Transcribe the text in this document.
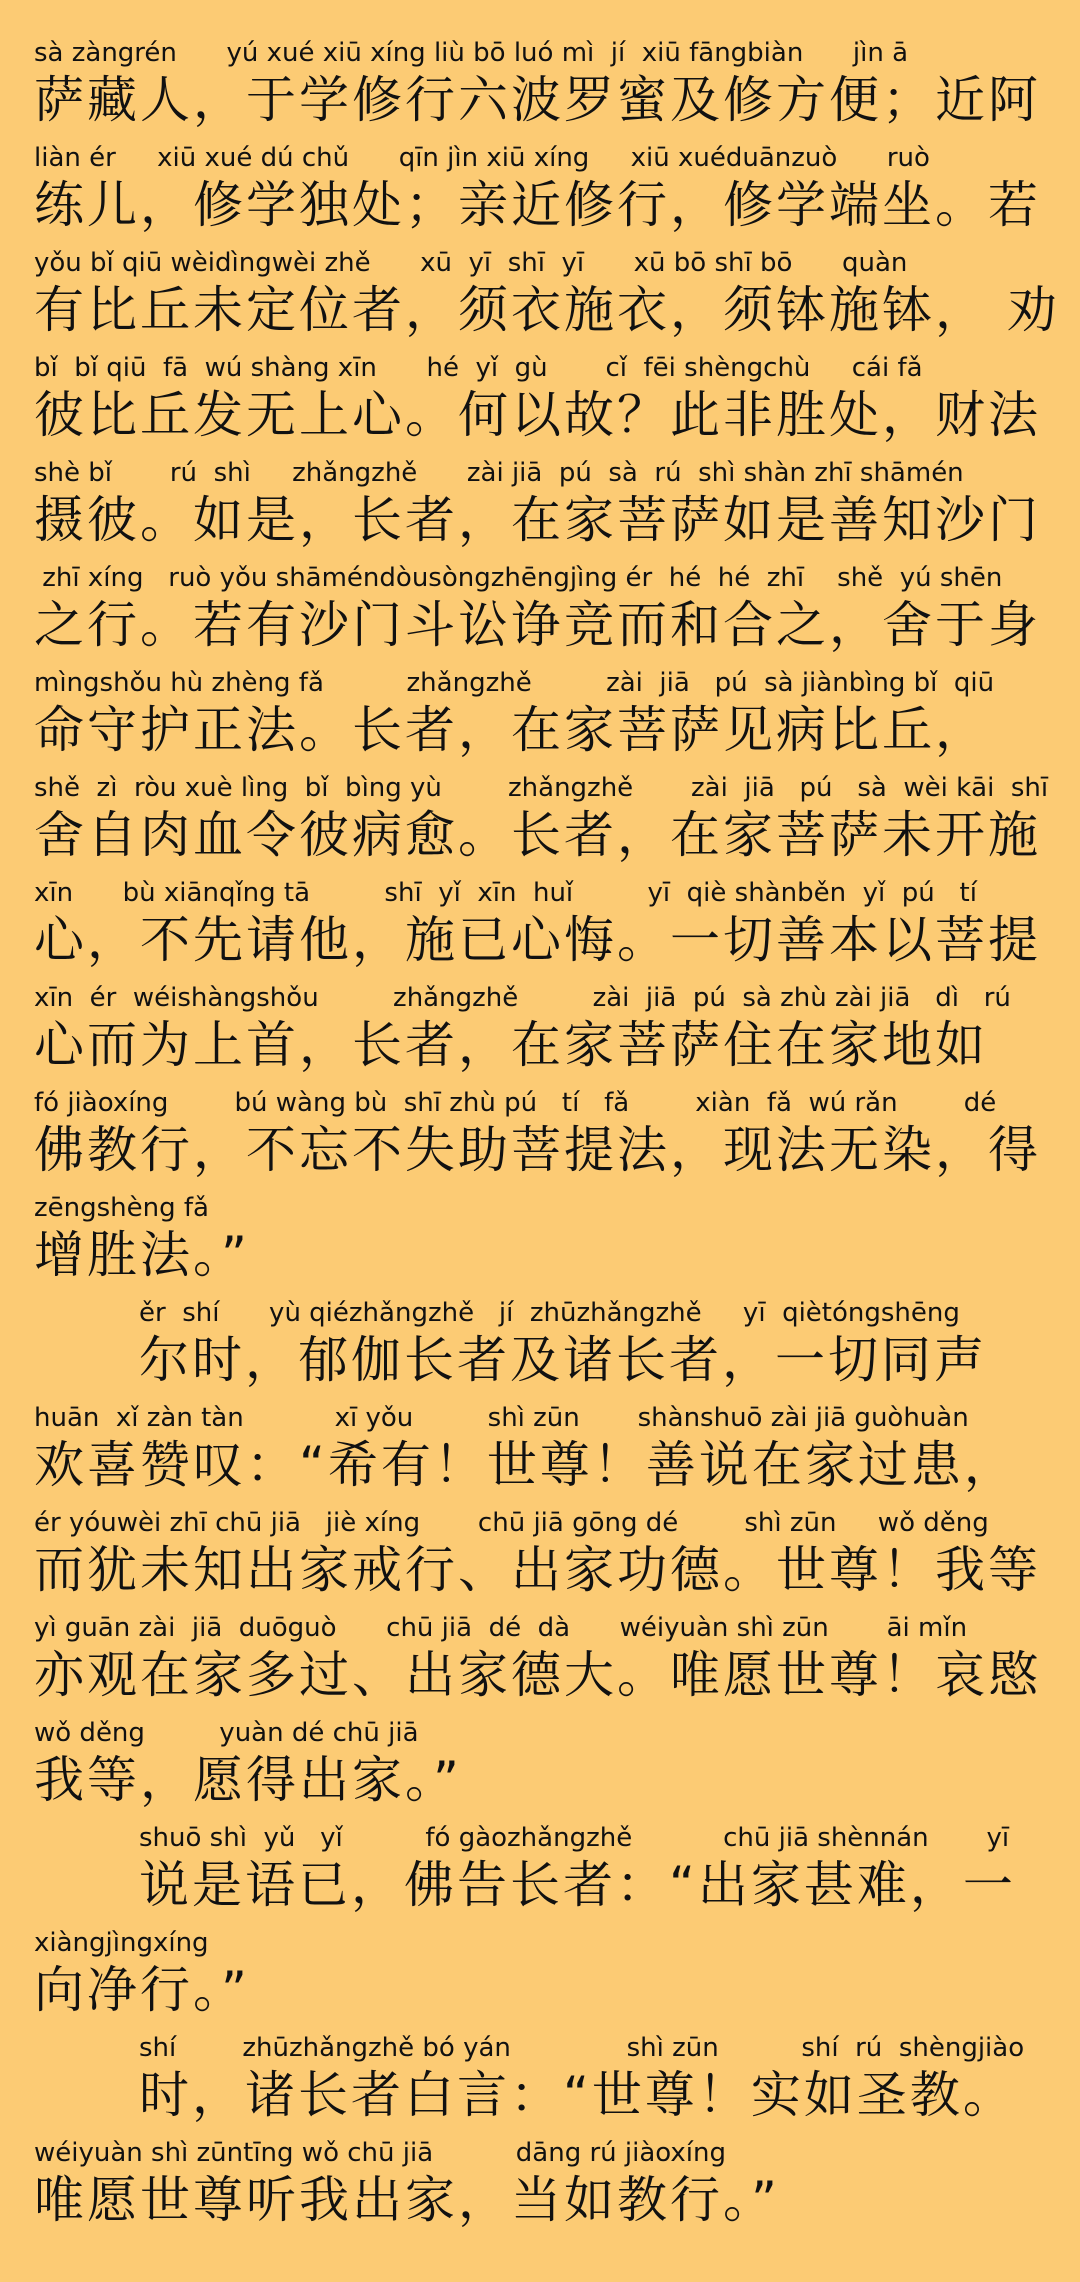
sà zàngrén      yú xué xiū xíng liù bō luó mì  jí  xiū fāngbiàn      jìn ā
萨藏人，于学修行六波罗蜜及修方便；近阿
liàn ér     xiū xué dú chǔ      qīn jìn xiū xíng     xiū xuéduānzuò      ruò
练儿，修学独处；亲近修行，修学端坐。若
yǒu bǐ qiū wèidìngwèi zhě      xū  yī  shī  yī      xū bō shī bō      quàn
有比丘未定位者，须衣施衣，须钵施钵， 劝
bǐ  bǐ qiū  fā  wú shàng xīn      hé  yǐ  gù       cǐ  fēi shèngchù     cái fǎ
彼比丘发无上心。何以故？此非胜处，财法
shè bǐ       rú  shì     zhǎngzhě      zài jiā  pú  sà  rú  shì shàn zhī shāmén
摄彼。如是，长者，在家菩萨如是善知沙门
zhī xíng   ruò yǒu shāméndòusòngzhēngjìng ér  hé  hé  zhī    shě  yú shēn
之行。若有沙门斗讼诤竞而和合之，舍于身
mìngshǒu hù zhèng fǎ          zhǎngzhě         zài  jiā   pú  sà jiànbìng bǐ  qiū
命守护正法。长者，在家菩萨见病比丘，
shě  zì  ròu xuè lìng  bǐ  bìng yù        zhǎngzhě       zài  jiā   pú   sà  wèi kāi  shī
舍自肉血令彼病愈。长者，在家菩萨未开施
xīn      bù xiānqǐng tā         shī  yǐ  xīn  huǐ         yī  qiè shànběn  yǐ  pú   tí
心，不先请他，施已心悔。一切善本以菩提
xīn  ér  wéishàngshǒu         zhǎngzhě         zài  jiā  pú  sà zhù zài jiā   dì   rú
心而为上首，长者，在家菩萨住在家地如
fó jiàoxíng        bú wàng bù  shī zhù pú   tí   fǎ        xiàn  fǎ  wú rǎn        dé
佛教行，不忘不失助菩提法，现法无染，得
zēngshèng fǎ
增胜法。”
ěr  shí      yù qiézhǎngzhě   jí  zhūzhǎngzhě     yī  qiètóngshēng
尔时，郁伽长者及诸长者，一切同声
huān  xǐ zàn tàn           xī yǒu         shì zūn       shànshuō zài jiā guòhuàn
欢喜赞叹：“希有！世尊！善说在家过患，
ér yóuwèi zhī chū jiā   jiè xíng       chū jiā gōng dé        shì zūn     wǒ děng
而犹未知出家戒行、出家功德。世尊！我等
yì guān zài  jiā  duōguò      chū jiā  dé  dà      wéiyuàn shì zūn       āi mǐn
亦观在家多过、出家德大。唯愿世尊！哀愍
wǒ děng         yuàn dé chū jiā
我等，愿得出家。”
shuō shì  yǔ   yǐ          fó gàozhǎngzhě           chū jiā shènnán       yī
说是语已，佛告长者：“出家甚难，一
xiàngjìngxíng
向净行。”
shí        zhūzhǎngzhě bó yán              shì zūn          shí  rú  shèngjiào
时，诸长者白言：“世尊！实如圣教。
wéiyuàn shì zūntīng wǒ chū jiā          dāng rú jiàoxíng
唯愿世尊听我出家，当如教行。”
